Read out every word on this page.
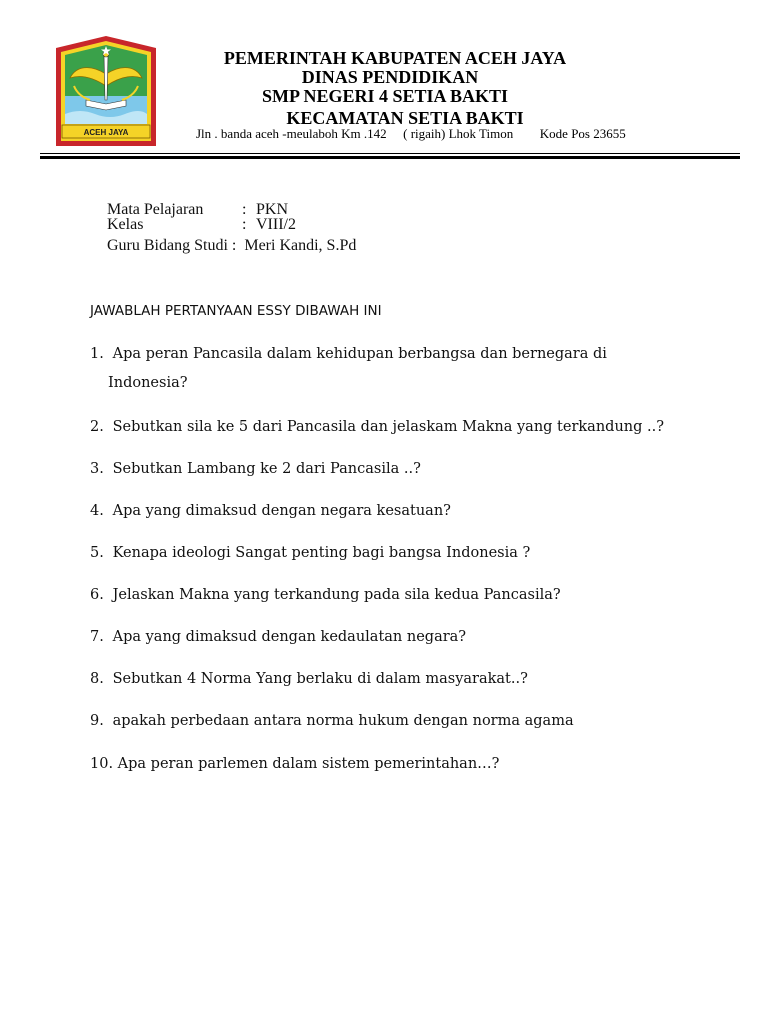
ACEH JAYA
PEMERINTAH KABUPATEN ACEH JAYA
DINAS PENDIDIKAN
SMP NEGERI 4 SETIA BAKTI
KECAMATAN SETIA BAKTI
Jln . banda aceh -meulaboh Km .142 ( rigaih) Lhok Timon Kode Pos 23655
Mata Pelajaran : PKN
Kelas	: VIII/2
Guru Bidang Studi : Meri Kandi, S.Pd
JAWABLAH PERTANYAAN ESSY DIBAWAH INI
1. Apa peran Pancasila dalam kehidupan berbangsa dan bernegara di
Indonesia?
2. Sebutkan sila ke 5 dari Pancasila dan jelaskam Makna yang terkandung ..?
3. Sebutkan Lambang ke 2 dari Pancasila ..?
4. Apa yang dimaksud dengan negara kesatuan?
5. Kenapa ideologi Sangat penting bagi bangsa Indonesia ?
6. Jelaskan Makna yang terkandung pada sila kedua Pancasila?
7. Apa yang dimaksud dengan kedaulatan negara?
8. Sebutkan 4 Norma Yang berlaku di dalam masyarakat..?
9. apakah perbedaan antara norma hukum dengan norma agama
10. Apa peran parlemen dalam sistem pemerintahan…?
